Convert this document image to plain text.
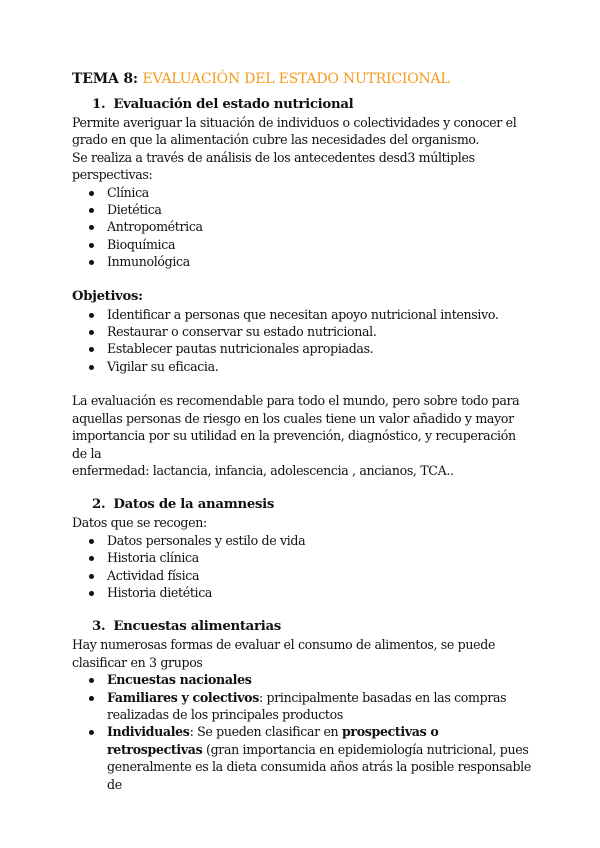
TEMA 8: EVALUACIÓN DEL ESTADO NUTRICIONAL
1. Evaluación del estado nutricional

Permite averiguar la situación de individuos o colectividades y conocer el
grado en que la alimentación cubre las necesidades del organismo.

Se realiza a través de análisis de los antecedentes desd3 múltiples
perspectivas:

Clínica
Dietética
Antropométrica
Bioquímica
Inmunológica
Objetivos:
Identificar a personas que necesitan apoyo nutricional intensivo.
Restaurar o conservar su estado nutricional.
Establecer pautas nutricionales apropiadas.
Vigilar su eficacia.

La evaluación es recomendable para todo el mundo, pero sobre todo para
aquellas personas de riesgo en los cuales tiene un valor añadido y mayor
importancia por su utilidad en la prevención, diagnóstico, y recuperación de la
enfermedad: lactancia, infancia, adolescencia , ancianos, TCA..

2. Datos de la anamnesis

Datos que se recogen:

Datos personales y estilo de vida
Historia clínica
Actividad física
Historia dietética
3. Encuestas alimentarias

Hay numerosas formas de evaluar el consumo de alimentos, se puede
clasificar en 3 grupos

Encuestas nacionales
Familiares y colectivos: principalmente basadas en las compras
realizadas de los principales productos
Individuales: Se pueden clasificar en prospectivas o
retrospectivas (gran importancia en epidemiología nutricional, pues
generalmente es la dieta consumida años atrás la posible responsable de
